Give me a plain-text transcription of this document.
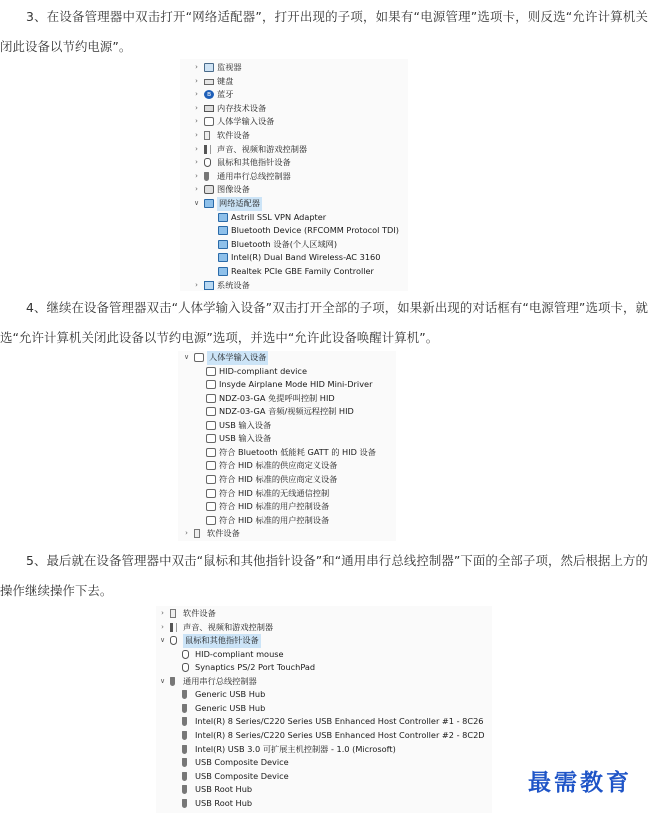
3、在设备管理器中双击打开“网络适配器”，打开出现的子项，如果有“电源管理”选项卡，则反选“允许计算机关闭此设备以节约电源”。

›	监视器
›	键盘
›	ʙ 蓝牙
›	内存技术设备
›	人体学输入设备
›	软件设备
›	声音、视频和游戏控制器
›	鼠标和其他指针设备
›	通用串行总线控制器
›	图像设备
∨ 网络适配器
Astrill SSL VPN Adapter
Bluetooth Device (RFCOMM Protocol TDI)
Bluetooth 设备(个人区域网)
Intel(R) Dual Band Wireless-AC 3160
Realtek PCIe GBE Family Controller
›	系统设备

4、继续在设备管理器双击“人体学输入设备”双击打开全部的子项，如果新出现的对话框有“电源管理”选项卡，就选“允许计算机关闭此设备以节约电源”选项，并选中“允许此设备唤醒计算机”。

∨ 人体学输入设备
HID-compliant device
Insyde Airplane Mode HID Mini-Driver
NDZ-03-GA 免提呼叫控制 HID
NDZ-03-GA 音频/视频远程控制 HID
USB 输入设备
USB 输入设备
符合 Bluetooth 低能耗 GATT 的 HID 设备
符合 HID 标准的供应商定义设备
符合 HID 标准的供应商定义设备
符合 HID 标准的无线通信控制
符合 HID 标准的用户控制设备
符合 HID 标准的用户控制设备
›	软件设备

5、最后就在设备管理器中双击“鼠标和其他指针设备”和“通用串行总线控制器”下面的全部子项，然后根据上方的操作继续操作下去。

›	软件设备
›	声音、视频和游戏控制器
∨ 鼠标和其他指针设备
HID-compliant mouse
Synaptics PS/2 Port TouchPad
∨ 通用串行总线控制器
Generic USB Hub
Generic USB Hub
Intel(R) 8 Series/C220 Series USB Enhanced Host Controller #1 - 8C26
Intel(R) 8 Series/C220 Series USB Enhanced Host Controller #2 - 8C2D
Intel(R) USB 3.0 可扩展主机控制器 - 1.0 (Microsoft)
USB Composite Device
USB Composite Device
USB Root Hub
USB Root Hub
最需教育
